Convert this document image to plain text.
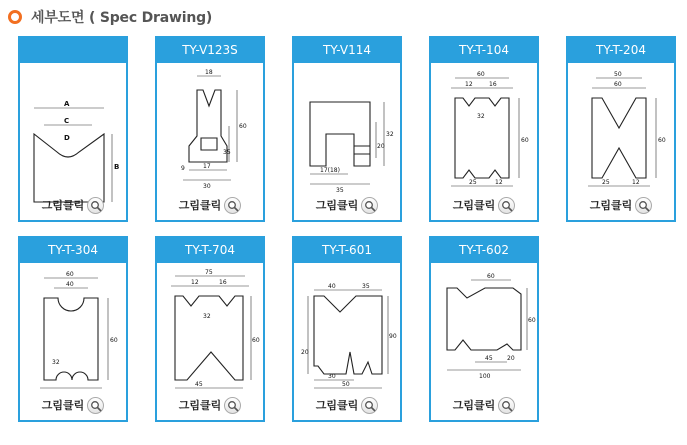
세부도면 ( Spec Drawing)
A
C
D
B
그림클릭
TY-V123S
18
60
35
17
30
9
그림클릭
TY-V114
32
20
17(18)
35
그림클릭
TY-T-104
60
12	16
32
60
25	12
그림클릭
TY-T-204
50
60
60
25	12
그림클릭
TY-T-304
60
40
32
60
그림클릭
TY-T-704
75
12	16
32
60
45
그림클릭
TY-T-601
40	35
20
30
50
90
그림클릭
TY-T-602
60
45 20
100
60
그림클릭
